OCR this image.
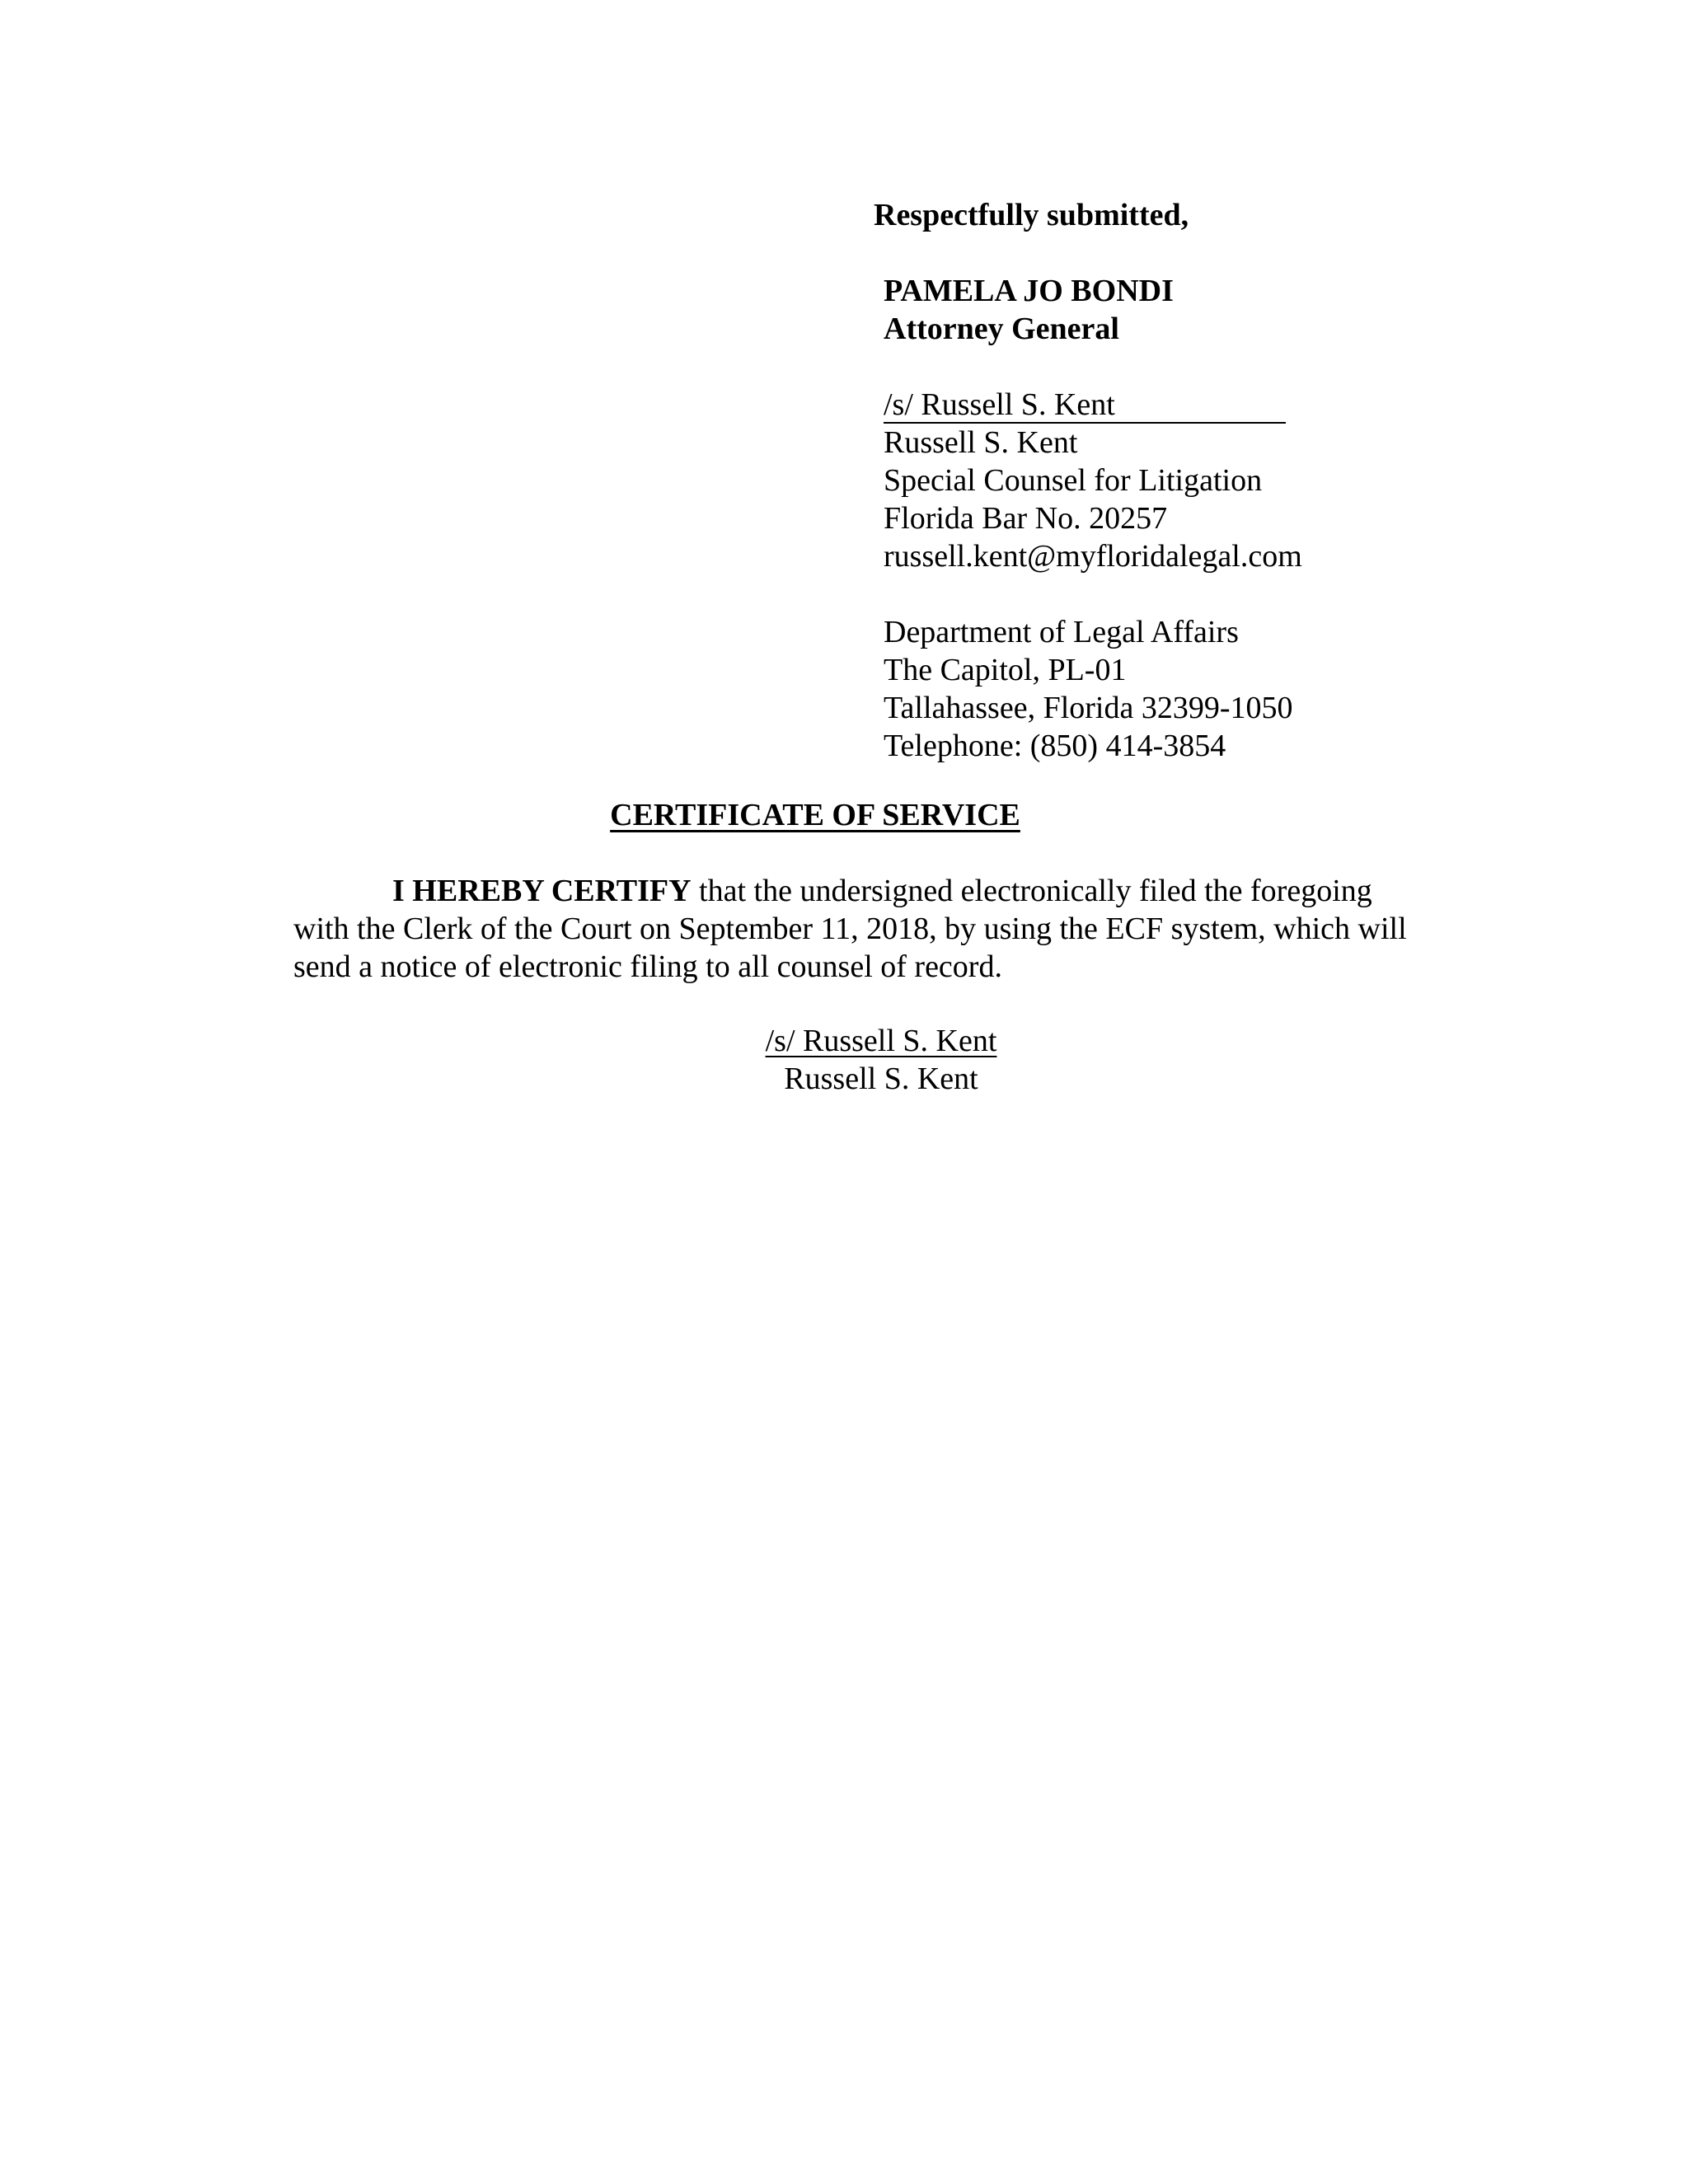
Respectfully submitted,
PAMELA JO BONDI
Attorney General
/s/ Russell S. Kent
Russell S. Kent
Special Counsel for Litigation
Florida Bar No. 20257
russell.kent@myfloridalegal.com
Department of Legal Affairs
The Capitol, PL-01
Tallahassee, Florida 32399-1050
Telephone: (850) 414-3854
CERTIFICATE OF SERVICE
I HEREBY CERTIFY that the undersigned electronically filed the foregoing
with the Clerk of the Court on September 11, 2018, by using the ECF system, which will
send a notice of electronic filing to all counsel of record.
/s/ Russell S. Kent
Russell S. Kent
